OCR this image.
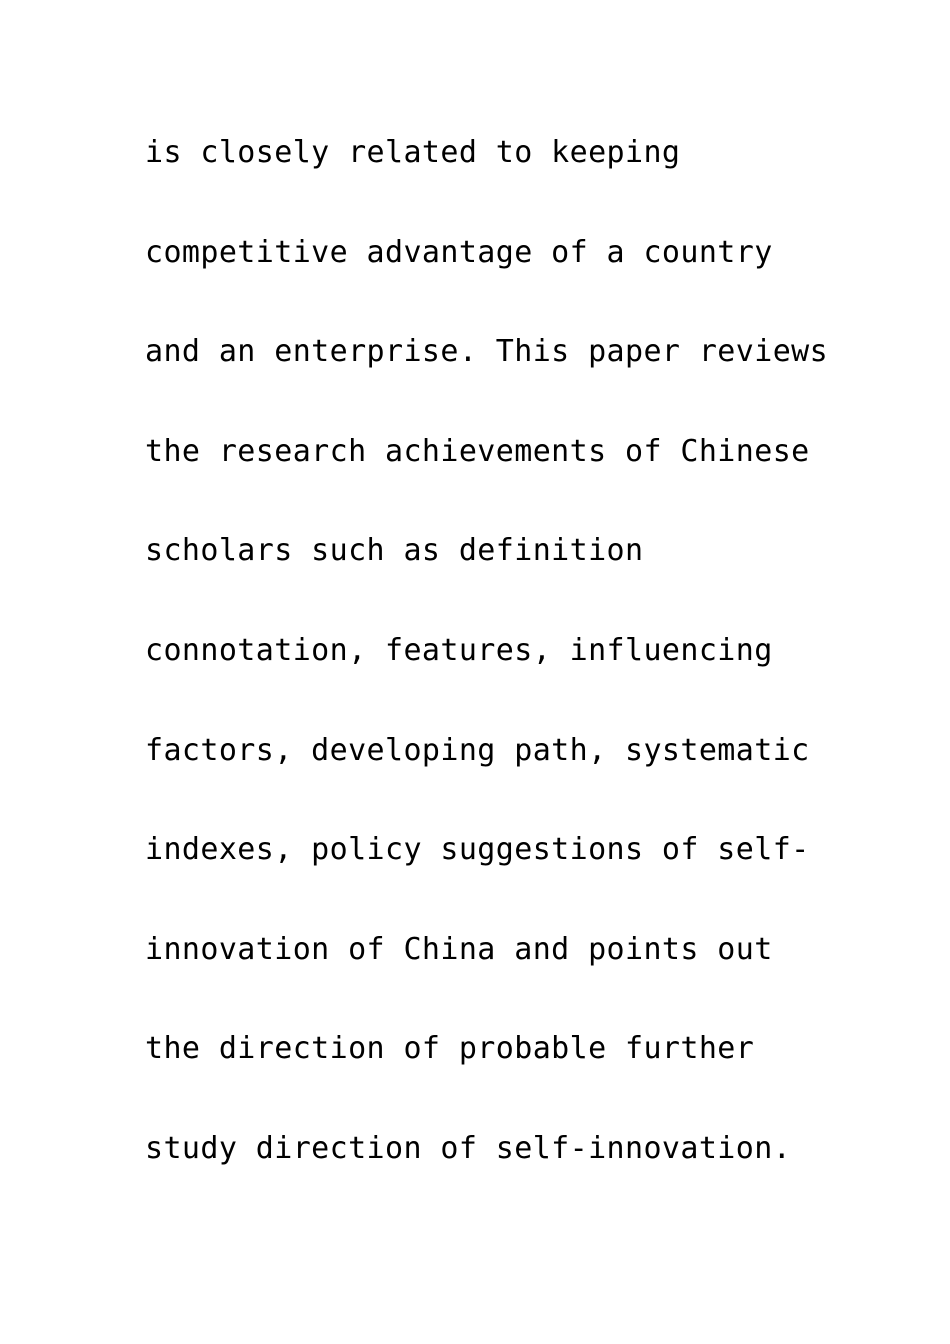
is closely related to keeping
competitive advantage of a country
and an enterprise. This paper reviews
the research achievements of Chinese
scholars such as definition
connotation, features, influencing
factors, developing path, systematic
indexes, policy suggestions of self-
innovation of China and points out
the direction of probable further
study direction of self-innovation.
